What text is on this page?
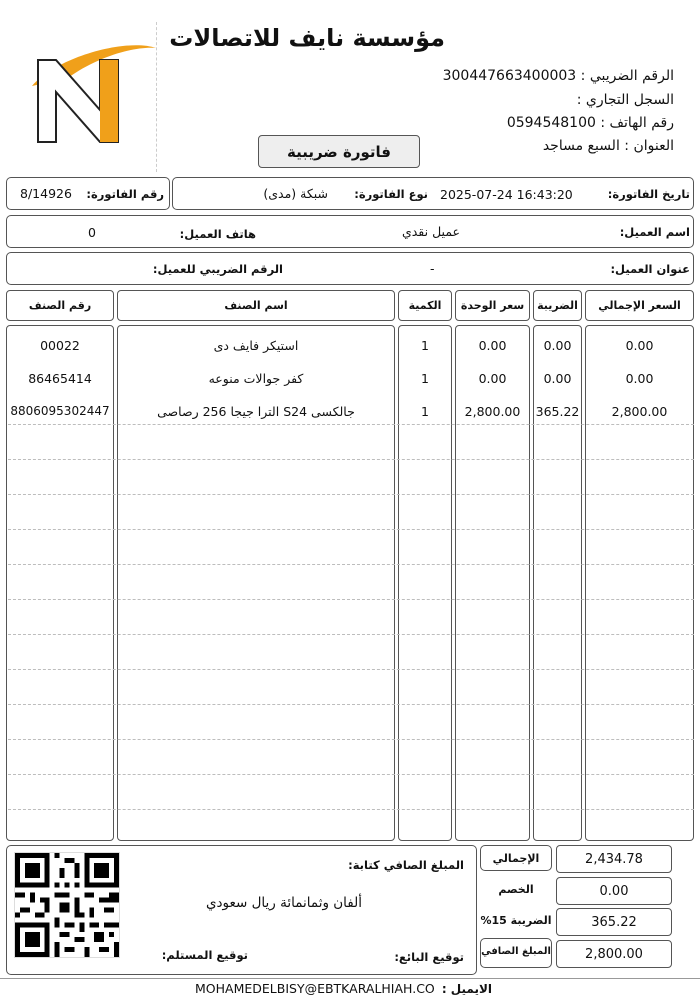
مؤسسة نايف للاتصالات
الرقم الضريبي : 300447663400003
السجل التجاري :
رقم الهاتف : 0594548100
العنوان : السبع مساجد
فاتورة ضريبية
تاريخ الفاتورة:
2025-07-24 16:43:20
نوع الفاتورة:
شبكة (مدى)
رقم الفاتورة:
8/14926
اسم العميل:
عميل نقدي
هاتف العميل:
0
عنوان العميل:
-
الرقم الضريبي للعميل:
السعر الإجمالي
الضريبة
سعر الوحدة
الكمية
اسم الصنف
رقم الصنف
0.00
0.00
0.00
1
استيكر فايف دى
00022
0.00
0.00
0.00
1
كفر جوالات منوعه
86465414
2,800.00
365.22
2,800.00
1
جالكسى S24 الترا جيجا 256 رصاصى
8806095302447
المبلغ الصافي كتابة:
ألفان وثمانمائة ريال سعودي
توقيع البائع:
توقيع المستلم:
الإجمالي
الخصم
الضريبة 15%
المبلغ الصافي
2,434.78
0.00
365.22
2,800.00
الايميل :
MOHAMEDELBISY@EBTKARALHIAH.CO
